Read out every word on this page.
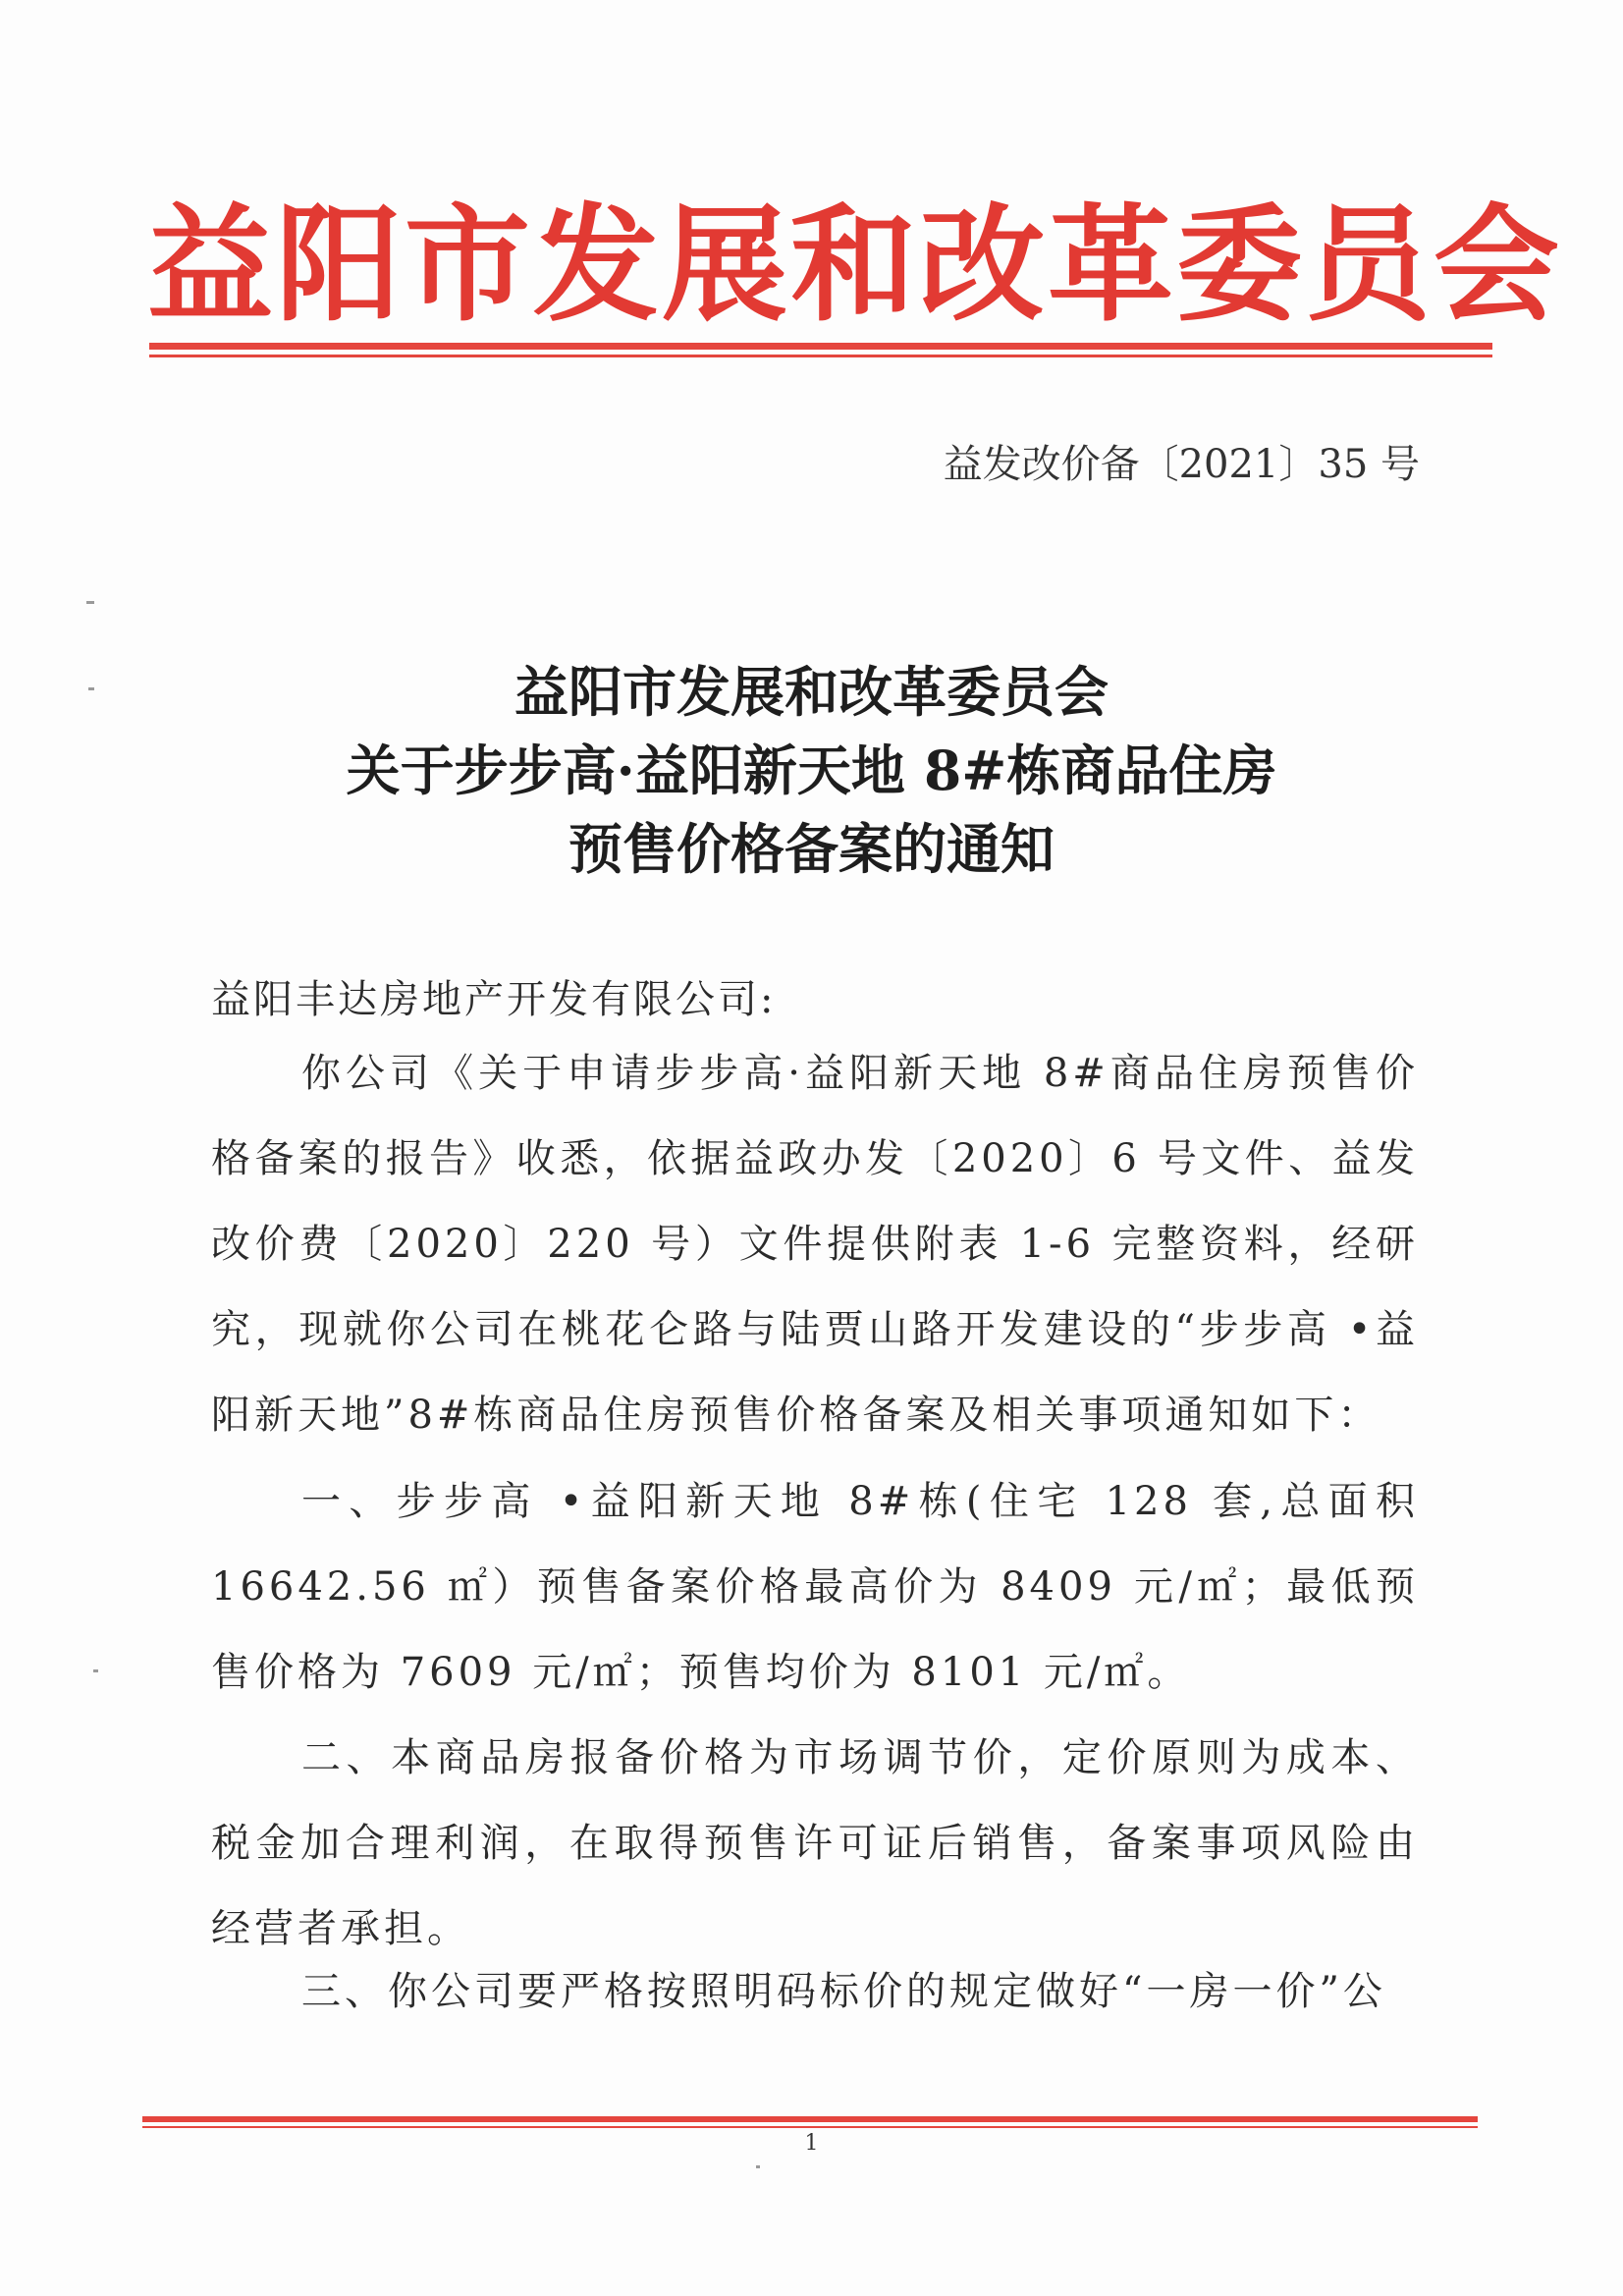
益阳市发展和改革委员会
益发改价备〔2021〕35 号
益阳市发展和改革委员会
关于步步高·益阳新天地 8#栋商品住房
预售价格备案的通知
益阳丰达房地产开发有限公司:
你公司《关于申请步步高·益阳新天地 8#商品住房预售价格备案的报告》收悉，依据益政办发〔2020〕6 号文件、益发改价费〔2020〕220 号）文件提供附表 1-6 完整资料，经研究，现就你公司在桃花仑路与陆贾山路开发建设的“步步高 •益阳新天地”8#栋商品住房预售价格备案及相关事项通知如下：
一、步步高 •益阳新天地 8#栋(住宅 128 套,总面积 16642.56 ㎡）预售备案价格最高价为 8409 元/㎡；最低预售价格为 7609 元/㎡；预售均价为 8101 元/㎡。
二、本商品房报备价格为市场调节价，定价原则为成本、税金加合理利润，在取得预售许可证后销售，备案事项风险由经营者承担。
三、你公司要严格按照明码标价的规定做好“一房一价”公
1
